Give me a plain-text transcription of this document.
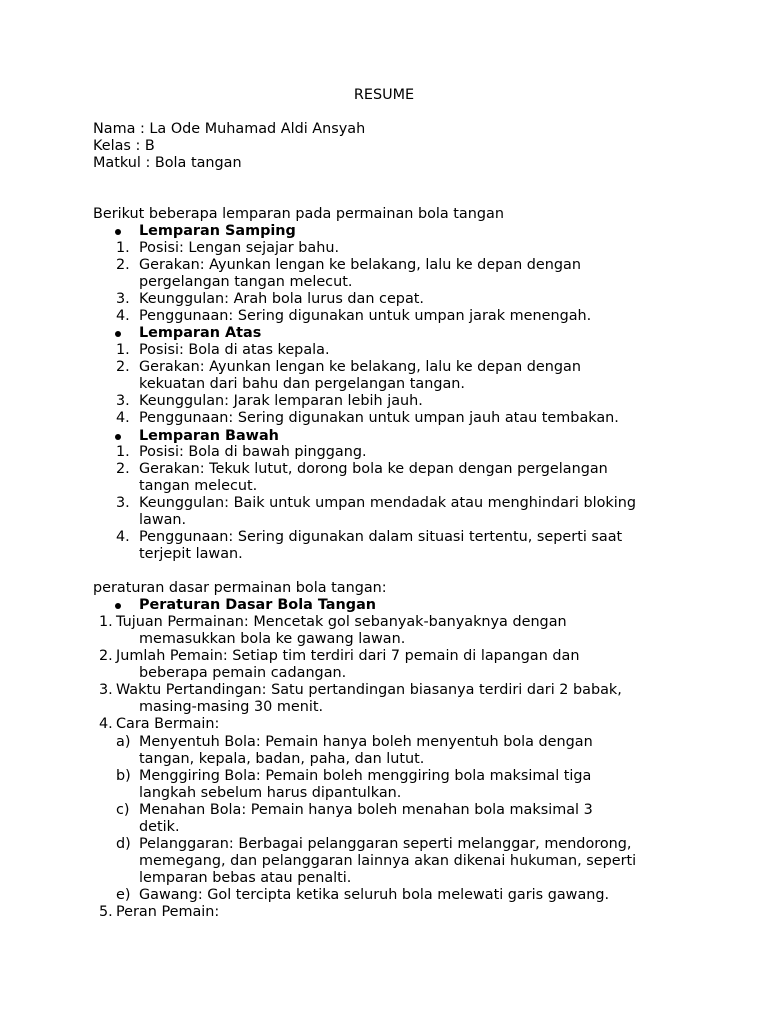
RESUME
Nama : La Ode Muhamad Aldi Ansyah
Kelas : B
Matkul : Bola tangan
Berikut beberapa lemparan pada permainan bola tangan
Lemparan Samping
1. Posisi: Lengan sejajar bahu.
2. Gerakan: Ayunkan lengan ke belakang, lalu ke depan dengan
pergelangan tangan melecut.
3. Keunggulan: Arah bola lurus dan cepat.
4. Penggunaan: Sering digunakan untuk umpan jarak menengah.
Lemparan Atas
1. Posisi: Bola di atas kepala.
2. Gerakan: Ayunkan lengan ke belakang, lalu ke depan dengan
kekuatan dari bahu dan pergelangan tangan.
3. Keunggulan: Jarak lemparan lebih jauh.
4. Penggunaan: Sering digunakan untuk umpan jauh atau tembakan.
Lemparan Bawah
1. Posisi: Bola di bawah pinggang.
2. Gerakan: Tekuk lutut, dorong bola ke depan dengan pergelangan
tangan melecut.
3. Keunggulan: Baik untuk umpan mendadak atau menghindari bloking
lawan.
4. Penggunaan: Sering digunakan dalam situasi tertentu, seperti saat
terjepit lawan.
peraturan dasar permainan bola tangan:
Peraturan Dasar Bola Tangan
1. Tujuan Permainan: Mencetak gol sebanyak-banyaknya dengan
memasukkan bola ke gawang lawan.
2. Jumlah Pemain: Setiap tim terdiri dari 7 pemain di lapangan dan
beberapa pemain cadangan.
3. Waktu Pertandingan: Satu pertandingan biasanya terdiri dari 2 babak,
masing-masing 30 menit.
4. Cara Bermain:
a) Menyentuh Bola: Pemain hanya boleh menyentuh bola dengan
tangan, kepala, badan, paha, dan lutut.
b) Menggiring Bola: Pemain boleh menggiring bola maksimal tiga
langkah sebelum harus dipantulkan.
c) Menahan Bola: Pemain hanya boleh menahan bola maksimal 3
detik.
d) Pelanggaran: Berbagai pelanggaran seperti melanggar, mendorong,
memegang, dan pelanggaran lainnya akan dikenai hukuman, seperti
lemparan bebas atau penalti.
e) Gawang: Gol tercipta ketika seluruh bola melewati garis gawang.
5. Peran Pemain:
